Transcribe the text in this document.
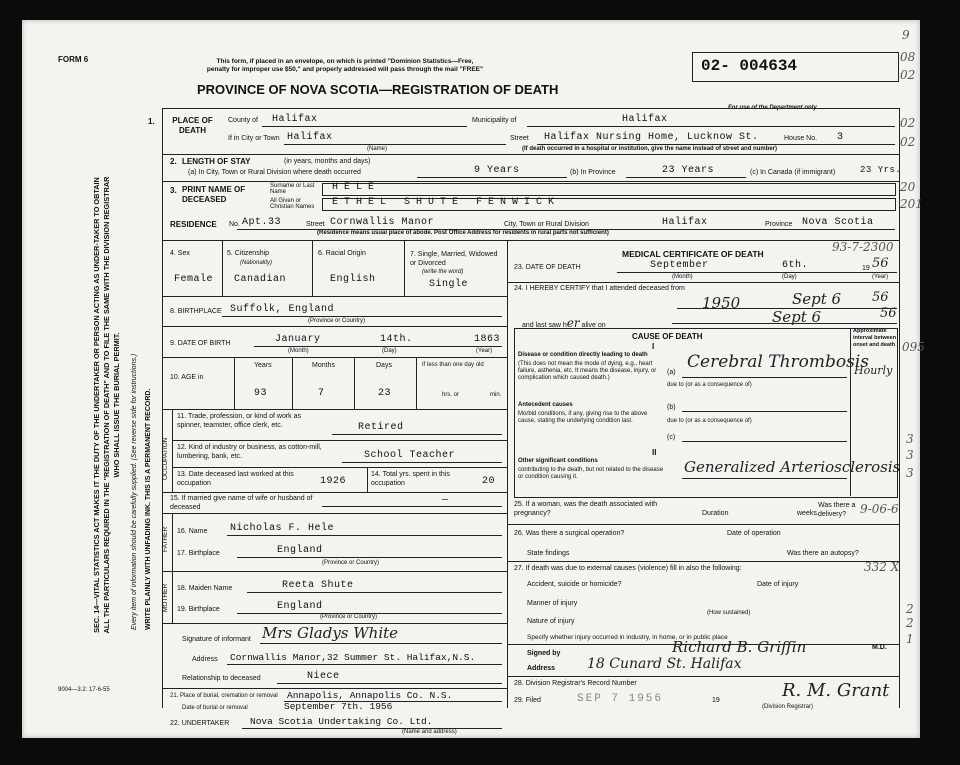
FORM 6	This form, if placed in an envelope, on which is printed "Dominion Statistics—Free, penalty for improper use $50," and properly addressed will pass through the mail "FREE"
PROVINCE OF NOVA SCOTIA—REGISTRATION OF DEATH
02- 004634
For use of the Department only
SEC. 14—VITAL STATISTICS ACT MAKES IT THE DUTY OF THE UNDERTAKER OR PERSON ACTING AS UNDER-TAKER TO OBTAIN ALL THE PARTICULARS REQUIRED IN THE "REGISTRATION OF DEATH" AND TO FILE THE SAME WITH THE DIVISION REGISTRAR WHO SHALL ISSUE THE BURIAL PERMIT.	WRITE PLAINLY WITH UNFADING INK. THIS IS A PERMANENT RECORD.
Every item of information should be carefully supplied. (See reverse side for instructions.)
9004—3.2: 17-6-55
1. PLACE OF DEATH
County of Halifax	Municipality of	Halifax
If in City or Town Halifax
(Name)
Street Halifax Nursing Home, Lucknow St.	House No. 3
(If death occurred in a hospital or institution, give the name instead of street and number)
2. LENGTH OF STAY	(in years, months and days)
(a) In City, Town or Rural Division where death occurred	9 Years	(b) In Province	23 Years	(c) In Canada (if immigrant)	23 Yrs.
3. PRINT NAME OF DECEASED
Surname or Last Name	HELE
All Given or Christian Names	ETHEL SHUTE FENWICK
RESIDENCE No. Apt.33	Street Cornwallis Manor	City, Town or Rural Division	Halifax	Province Nova Scotia
(Residence means usual place of abode. Post Office Address for residents in rural parts not sufficient)
4. Sex
Female
5. Citizenship
(Nationality)
Canadian
6. Racial Origin
English
7. Single, Married, Widowed or Divorced
(write the word)
Single
8. BIRTHPLACE Suffolk, England
(Province or Country)
9. DATE OF BIRTH	January	14th.	1863
(Month)	(Day)	(Year)
10. AGE in
Years	Months	Days
93	7	23
If less than one day old
hrs. or	min.
OCCUPATION
11. Trade, profession, or kind of work as spinner, teamster, office clerk, etc.	Retired
12. Kind of industry or business, as cotton-mill, lumbering, bank, etc.	School Teacher
13. Date deceased last worked at this occupation	1926
14. Total yrs. spent in this occupation	20
15. If married give name of wife or husband of deceased
—
FATHER 16. Name Nicholas F. Hele
17. Birthplace	England
(Province or Country)
MOTHER 18. Maiden Name	Reeta Shute
19. Birthplace	England
(Province or Country)
Signature of informant Mrs Gladys White
Address Cornwallis Manor,32 Summer St. Halifax,N.S.
Relationship to deceased	Niece
21. Place of burial, cremation or removal Annapolis, Annapolis Co. N.S.
Date of burial or removal	September 7th. 1956
22. UNDERTAKER Nova Scotia Undertaking Co. Ltd.
(Name and address)
MEDICAL CERTIFICATE OF DEATH
23. DATE OF DEATH	September	6th.	19 56
(Month)	(Day)	(Year)
24. I HEREBY CERTIFY that I attended deceased from
1950	Sept 6 56
and last saw her alive on	Sept 6	56
CAUSE OF DEATH
I
Approximate interval between onset and death
Disease or condition directly leading to death
(This does not mean the mode of dying, e.g., heart failure, asthenia, etc. It means the disease, injury, or complication which caused death.)
(a)
Cerebral Thrombosis
Hourly
due to (or as a consequence of)
Antecedent causes
Morbid conditions, if any, giving rise to the above cause, stating the underlying condition last.
(b)
due to (or as a consequence of)
(c)
II
Other significant conditions
contributing to the death, but not related to the disease or condition causing it.
Generalized Arteriosclerosis
25. If a woman, was the death associated with pregnancy?	Duration	weeks.
Was there a delivery?
26. Was there a surgical operation?	Date of operation
State findings	Was there an autopsy?
27. If death was due to external causes (violence) fill in also the following:
Accident, suicide or homicide?	Date of injury
Manner of injury
Nature of injury
(How sustained)
Specify whether injury occurred in industry, in home, or in public place
Signed by	Richard B. Griffin	M.D.
Address 18 Cunard St. Halifax
28. Division Registrar's Record Number
29. Filed	SEP 7 1956	19	R. M. Grant
(Division Registrar)
9
08
02
02
02
20
201
93-7-2300
095
3
3
3
9-06-6
332 X
2
2
1
